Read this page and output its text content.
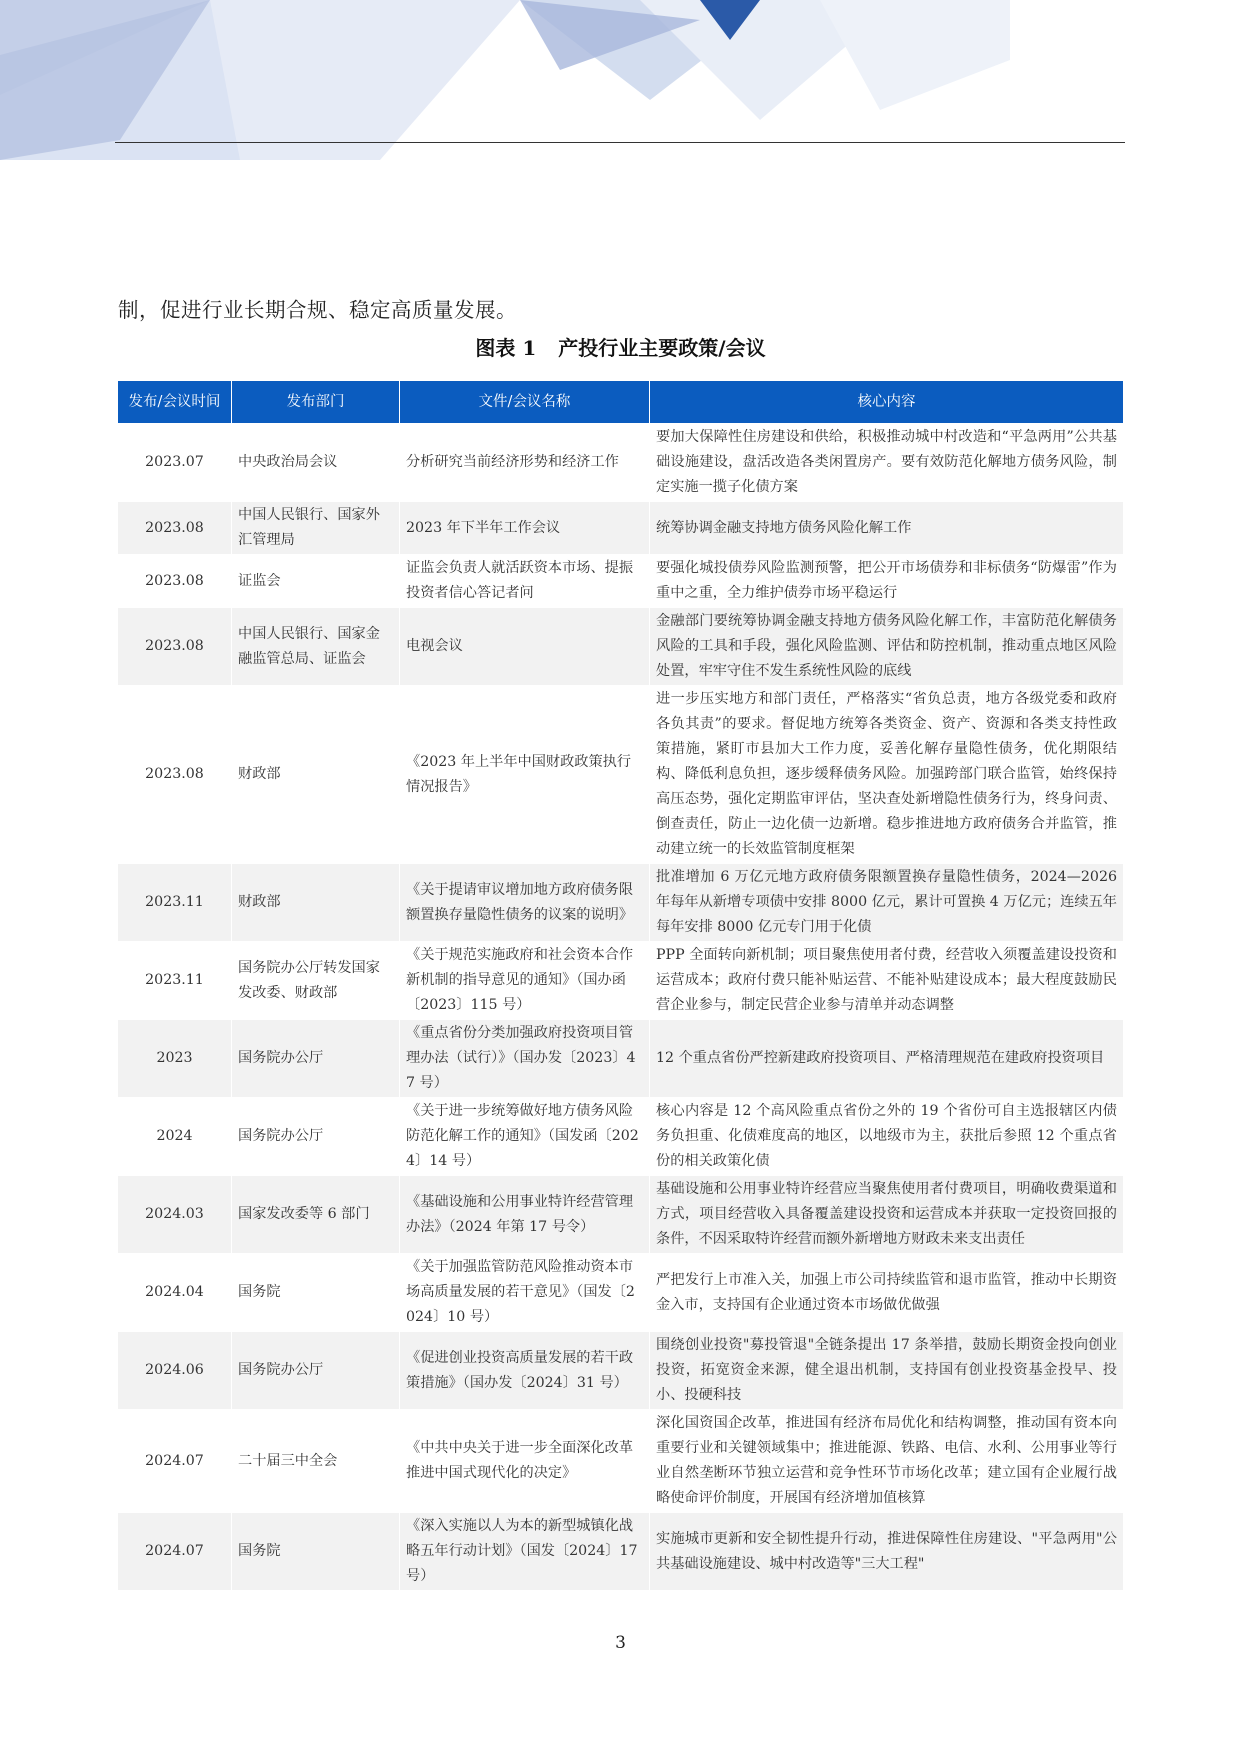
制，促进行业长期合规、稳定高质量发展。

图表 1 产投行业主要政策/会议
发布/会议时间	发布部门	文件/会议名称	核心内容
2023.07	中央政治局会议	分析研究当前经济形势和经济工作	要加大保障性住房建设和供给，积极推动城中村改造和“平急两用”公共基础设施建设，盘活改造各类闲置房产。要有效防范化解地方债务风险，制定实施一揽子化债方案
2023.08	中国人民银行、国家外汇管理局	2023 年下半年工作会议	统筹协调金融支持地方债务风险化解工作
2023.08	证监会	证监会负责人就活跃资本市场、提振投资者信心答记者问	要强化城投债券风险监测预警，把公开市场债券和非标债务“防爆雷”作为重中之重，全力维护债券市场平稳运行
2023.08	中国人民银行、国家金融监管总局、证监会	电视会议	金融部门要统筹协调金融支持地方债务风险化解工作，丰富防范化解债务风险的工具和手段，强化风险监测、评估和防控机制，推动重点地区风险处置，牢牢守住不发生系统性风险的底线
2023.08	财政部	《2023 年上半年中国财政政策执行情况报告》	进一步压实地方和部门责任，严格落实“省负总责，地方各级党委和政府各负其责”的要求。督促地方统筹各类资金、资产、资源和各类支持性政策措施，紧盯市县加大工作力度，妥善化解存量隐性债务，优化期限结构、降低利息负担，逐步缓释债务风险。加强跨部门联合监管，始终保持高压态势，强化定期监审评估，坚决查处新增隐性债务行为，终身问责、倒查责任，防止一边化债一边新增。稳步推进地方政府债务合并监管，推动建立统一的长效监管制度框架
2023.11	财政部	《关于提请审议增加地方政府债务限额置换存量隐性债务的议案的说明》	批准增加 6 万亿元地方政府债务限额置换存量隐性债务，2024—2026 年每年从新增专项债中安排 8000 亿元，累计可置换 4 万亿元；连续五年每年安排 8000 亿元专门用于化债
2023.11	国务院办公厅转发国家发改委、财政部	《关于规范实施政府和社会资本合作新机制的指导意见的通知》（国办函〔2023〕115 号）	PPP 全面转向新机制；项目聚焦使用者付费，经营收入须覆盖建设投资和运营成本；政府付费只能补贴运营、不能补贴建设成本；最大程度鼓励民营企业参与，制定民营企业参与清单并动态调整
2023	国务院办公厅	《重点省份分类加强政府投资项目管理办法（试行）》（国办发〔2023〕47 号）	12 个重点省份严控新建政府投资项目、严格清理规范在建政府投资项目
2024	国务院办公厅	《关于进一步统筹做好地方债务风险防范化解工作的通知》（国发函〔2024〕14 号）	核心内容是 12 个高风险重点省份之外的 19 个省份可自主选报辖区内债务负担重、化债难度高的地区，以地级市为主，获批后参照 12 个重点省份的相关政策化债
2024.03	国家发改委等 6 部门	《基础设施和公用事业特许经营管理办法》（2024 年第 17 号令）	基础设施和公用事业特许经营应当聚焦使用者付费项目，明确收费渠道和方式，项目经营收入具备覆盖建设投资和运营成本并获取一定投资回报的条件，不因采取特许经营而额外新增地方财政未来支出责任
2024.04	国务院	《关于加强监管防范风险推动资本市场高质量发展的若干意见》（国发〔2024〕10 号）	严把发行上市准入关，加强上市公司持续监管和退市监管，推动中长期资金入市，支持国有企业通过资本市场做优做强
2024.06	国务院办公厅	《促进创业投资高质量发展的若干政策措施》（国办发〔2024〕31 号）	围绕创业投资"募投管退"全链条提出 17 条举措，鼓励长期资金投向创业投资，拓宽资金来源，健全退出机制，支持国有创业投资基金投早、投小、投硬科技
2024.07	二十届三中全会	《中共中央关于进一步全面深化改革 推进中国式现代化的决定》	深化国资国企改革，推进国有经济布局优化和结构调整，推动国有资本向重要行业和关键领域集中；推进能源、铁路、电信、水利、公用事业等行业自然垄断环节独立运营和竞争性环节市场化改革；建立国有企业履行战略使命评价制度，开展国有经济增加值核算
2024.07	国务院	《深入实施以人为本的新型城镇化战略五年行动计划》（国发〔2024〕17 号）	实施城市更新和安全韧性提升行动，推进保障性住房建设、"平急两用"公共基础设施建设、城中村改造等"三大工程"
3
